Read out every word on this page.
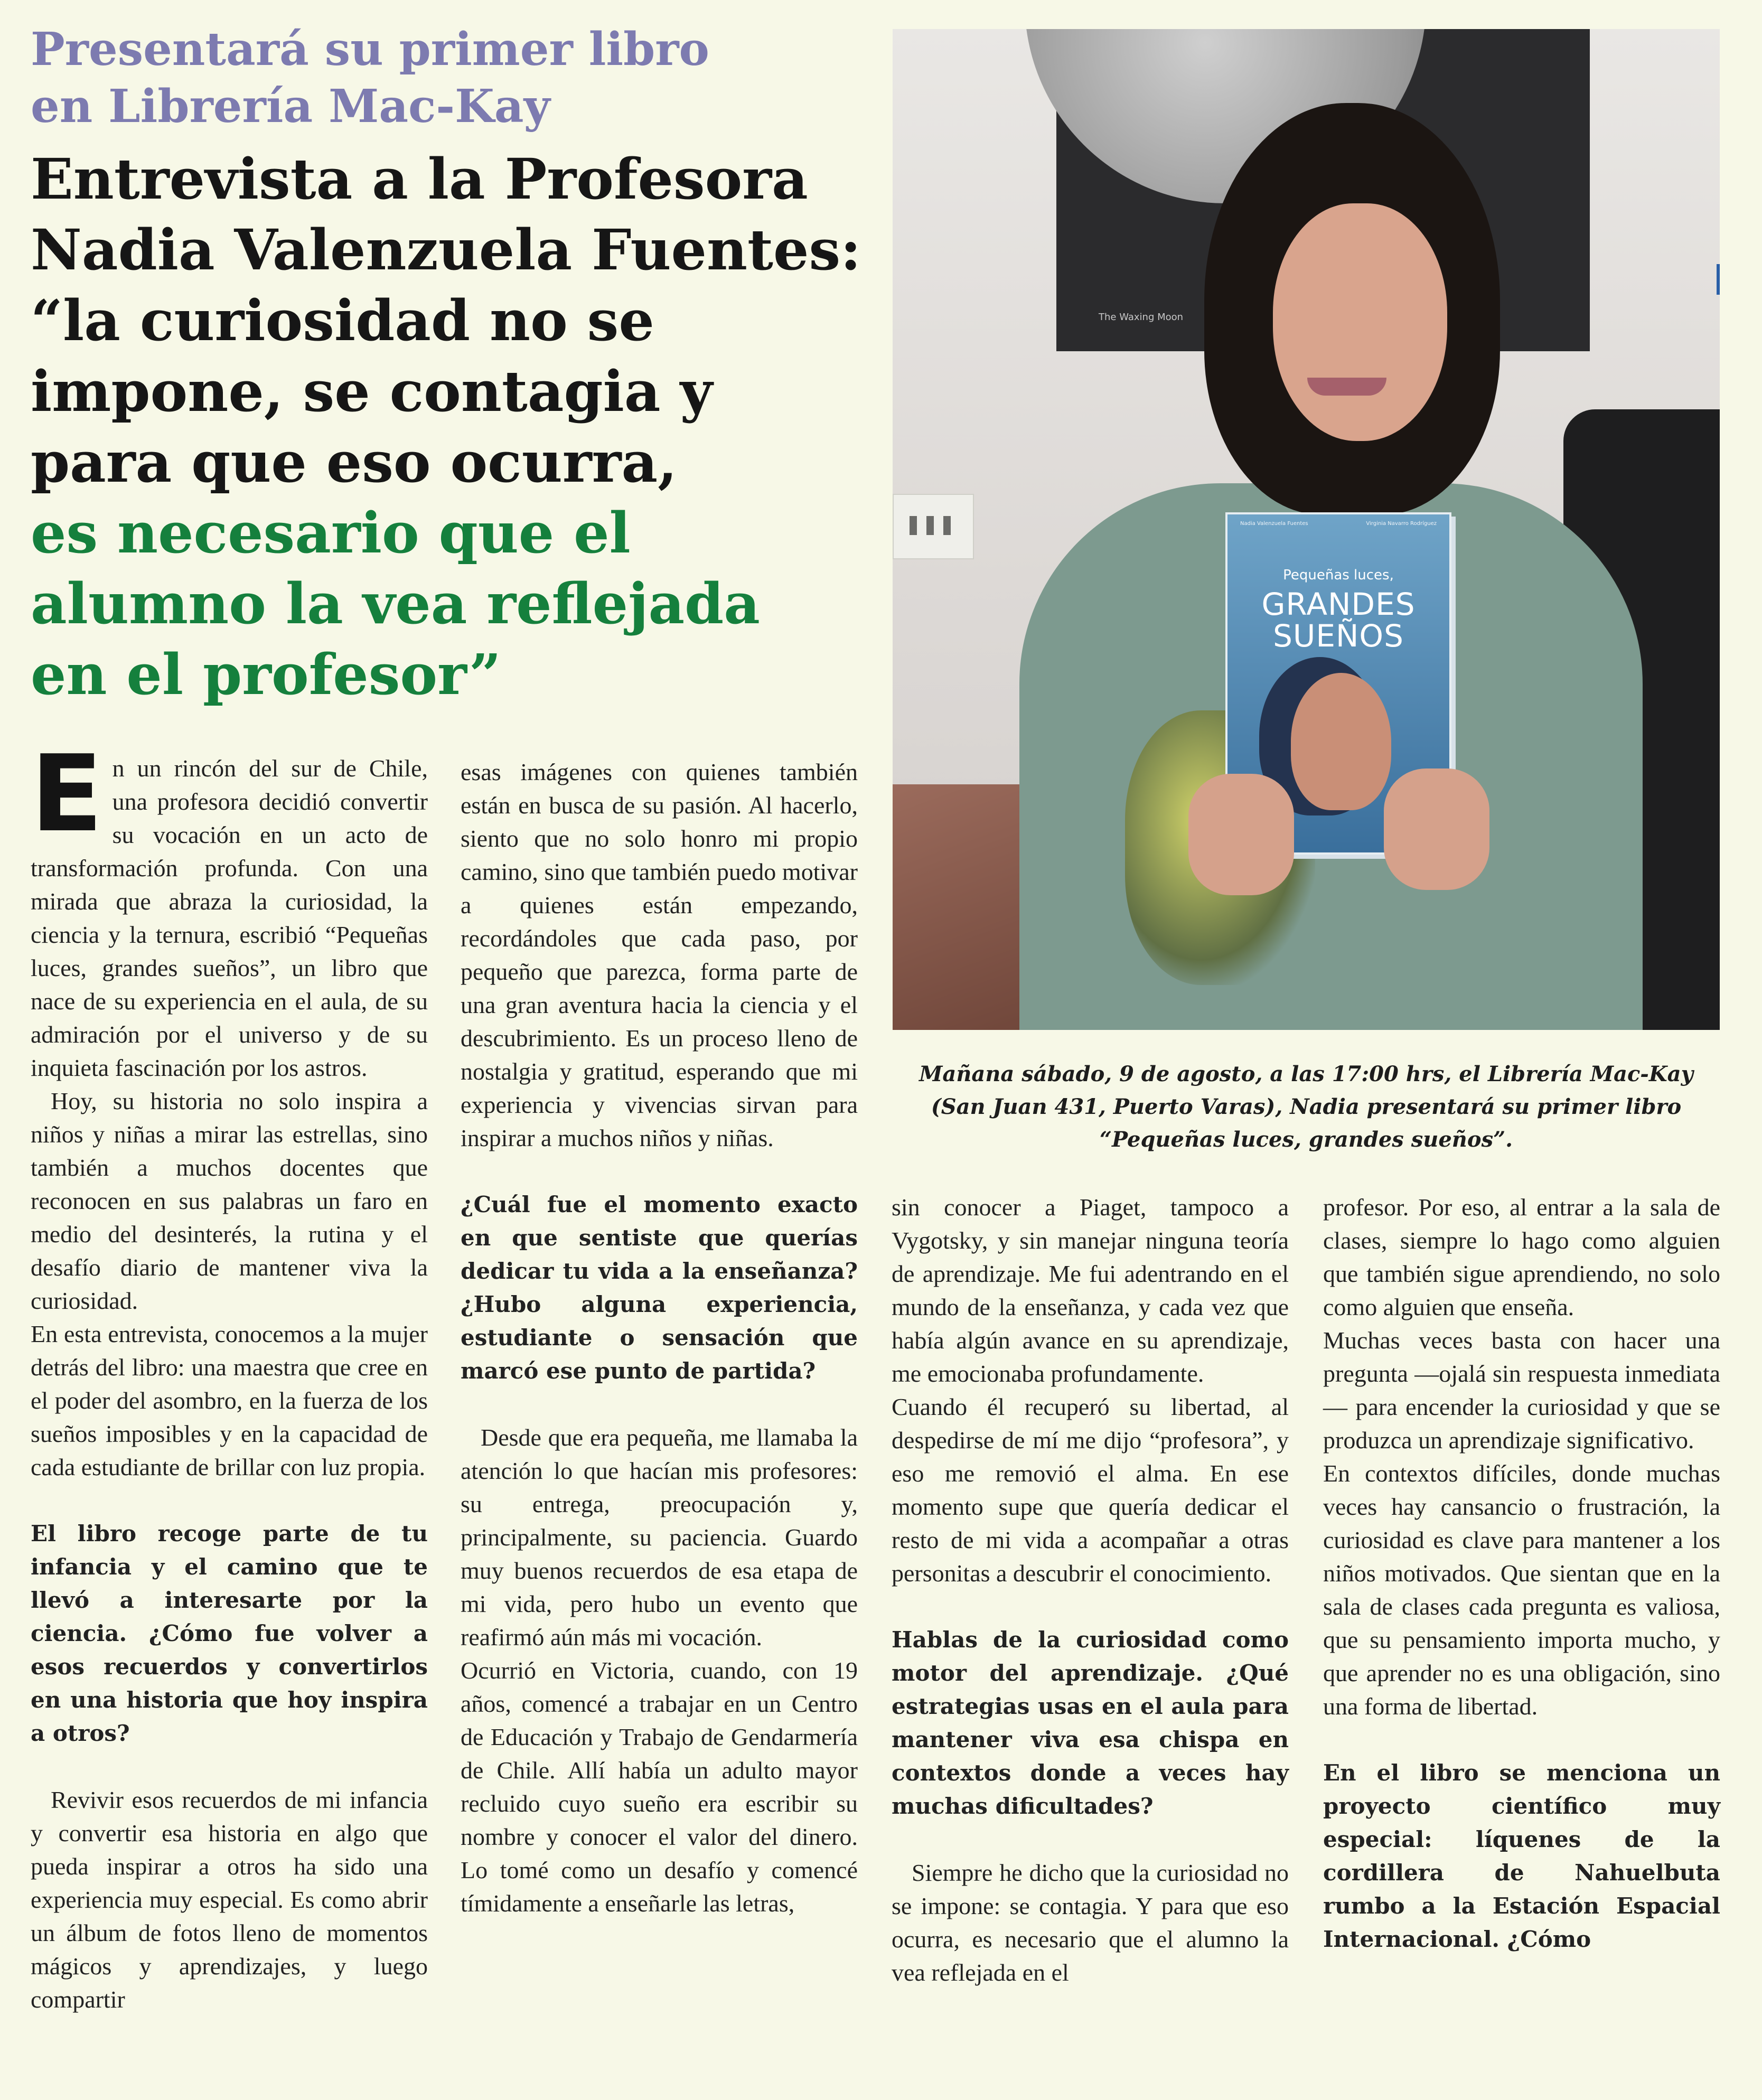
Presentará su primer libro
en Librería Mac-Kay
Entrevista a la Profesora
Nadia Valenzuela Fuentes:
“la curiosidad no se
impone, se contagia y
para que eso ocurra,
es necesario que el
alumno la vea reflejada
en el profesor”
The Waxing Moon
Nadia Valenzuela Fuentes	Virginia Navarro Rodríguez
Pequeñas luces,
GRANDES
SUEÑOS

Mañana sábado, 9 de agosto, a las 17:00 hrs, el Librería Mac-Kay (San Juan 431, Puerto Varas), Nadia presentará su primer libro “Pequeñas luces, grandes sueños”.

En un rincón del sur de Chile, una profesora decidió convertir su vocación en un acto de transformación profunda. Con una mirada que abraza la curiosidad, la ciencia y la ternura, escribió “Pequeñas luces, grandes sueños”, un libro que nace de su experiencia en el aula, de su admiración por el universo y de su inquieta fascinación por los astros.

Hoy, su historia no solo inspira a niños y niñas a mirar las estrellas, sino también a muchos docentes que reconocen en sus palabras un faro en medio del desinterés, la rutina y el desafío diario de mantener viva la curiosidad.

En esta entrevista, conocemos a la mujer detrás del libro: una maestra que cree en el poder del asombro, en la fuerza de los sueños imposibles y en la capacidad de cada estudiante de brillar con luz propia.

El libro recoge parte de tu infancia y el camino que te llevó a interesarte por la ciencia. ¿Cómo fue volver a esos recuerdos y convertirlos en una historia que hoy inspira a otros?

Revivir esos recuerdos de mi infancia y convertir esa historia en algo que pueda inspirar a otros ha sido una experiencia muy especial. Es como abrir un álbum de fotos lleno de momentos mágicos y aprendizajes, y luego compartir

esas imágenes con quienes también están en busca de su pasión. Al hacerlo, siento que no solo honro mi propio camino, sino que también puedo motivar a quienes están empezando, recordándoles que cada paso, por pequeño que parezca, forma parte de una gran aventura hacia la ciencia y el descubrimiento. Es un proceso lleno de nostalgia y gratitud, esperando que mi experiencia y vivencias sirvan para inspirar a muchos niños y niñas.

¿Cuál fue el momento exacto en que sentiste que querías dedicar tu vida a la enseñanza? ¿Hubo alguna experiencia, estudiante o sensación que marcó ese punto de partida?

Desde que era pequeña, me llamaba la atención lo que hacían mis profesores: su entrega, preocupación y, principalmente, su paciencia. Guardo muy buenos recuerdos de esa etapa de mi vida, pero hubo un evento que reafirmó aún más mi vocación.

Ocurrió en Victoria, cuando, con 19 años, comencé a trabajar en un Centro de Educación y Trabajo de Gendarmería de Chile. Allí había un adulto mayor recluido cuyo sueño era escribir su nombre y conocer el valor del dinero. Lo tomé como un desafío y comencé tímidamente a enseñarle las letras,

sin conocer a Piaget, tampoco a Vygotsky, y sin manejar ninguna teoría de aprendizaje. Me fui adentrando en el mundo de la enseñanza, y cada vez que había algún avance en su aprendizaje, me emocionaba profundamente.

Cuando él recuperó su libertad, al despedirse de mí me dijo “profesora”, y eso me removió el alma. En ese momento supe que quería dedicar el resto de mi vida a acompañar a otras personitas a descubrir el conocimiento.

Hablas de la curiosidad como motor del aprendizaje. ¿Qué estrategias usas en el aula para mantener viva esa chispa en contextos donde a veces hay muchas dificultades?

Siempre he dicho que la curiosidad no se impone: se contagia. Y para que eso ocurra, es necesario que el alumno la vea reflejada en el

profesor. Por eso, al entrar a la sala de clases, siempre lo hago como alguien que también sigue aprendiendo, no solo como alguien que enseña.

Muchas veces basta con hacer una pregunta —ojalá sin respuesta inmediata— para encender la curiosidad y que se produzca un aprendizaje significativo.

En contextos difíciles, donde muchas veces hay cansancio o frustración, la curiosidad es clave para mantener a los niños motivados. Que sientan que en la sala de clases cada pregunta es valiosa, que su pensamiento importa mucho, y que aprender no es una obligación, sino una forma de libertad.

En el libro se menciona un proyecto científico muy especial: líquenes de la cordillera de Nahuelbuta rumbo a la Estación Espacial Internacional. ¿Cómo
